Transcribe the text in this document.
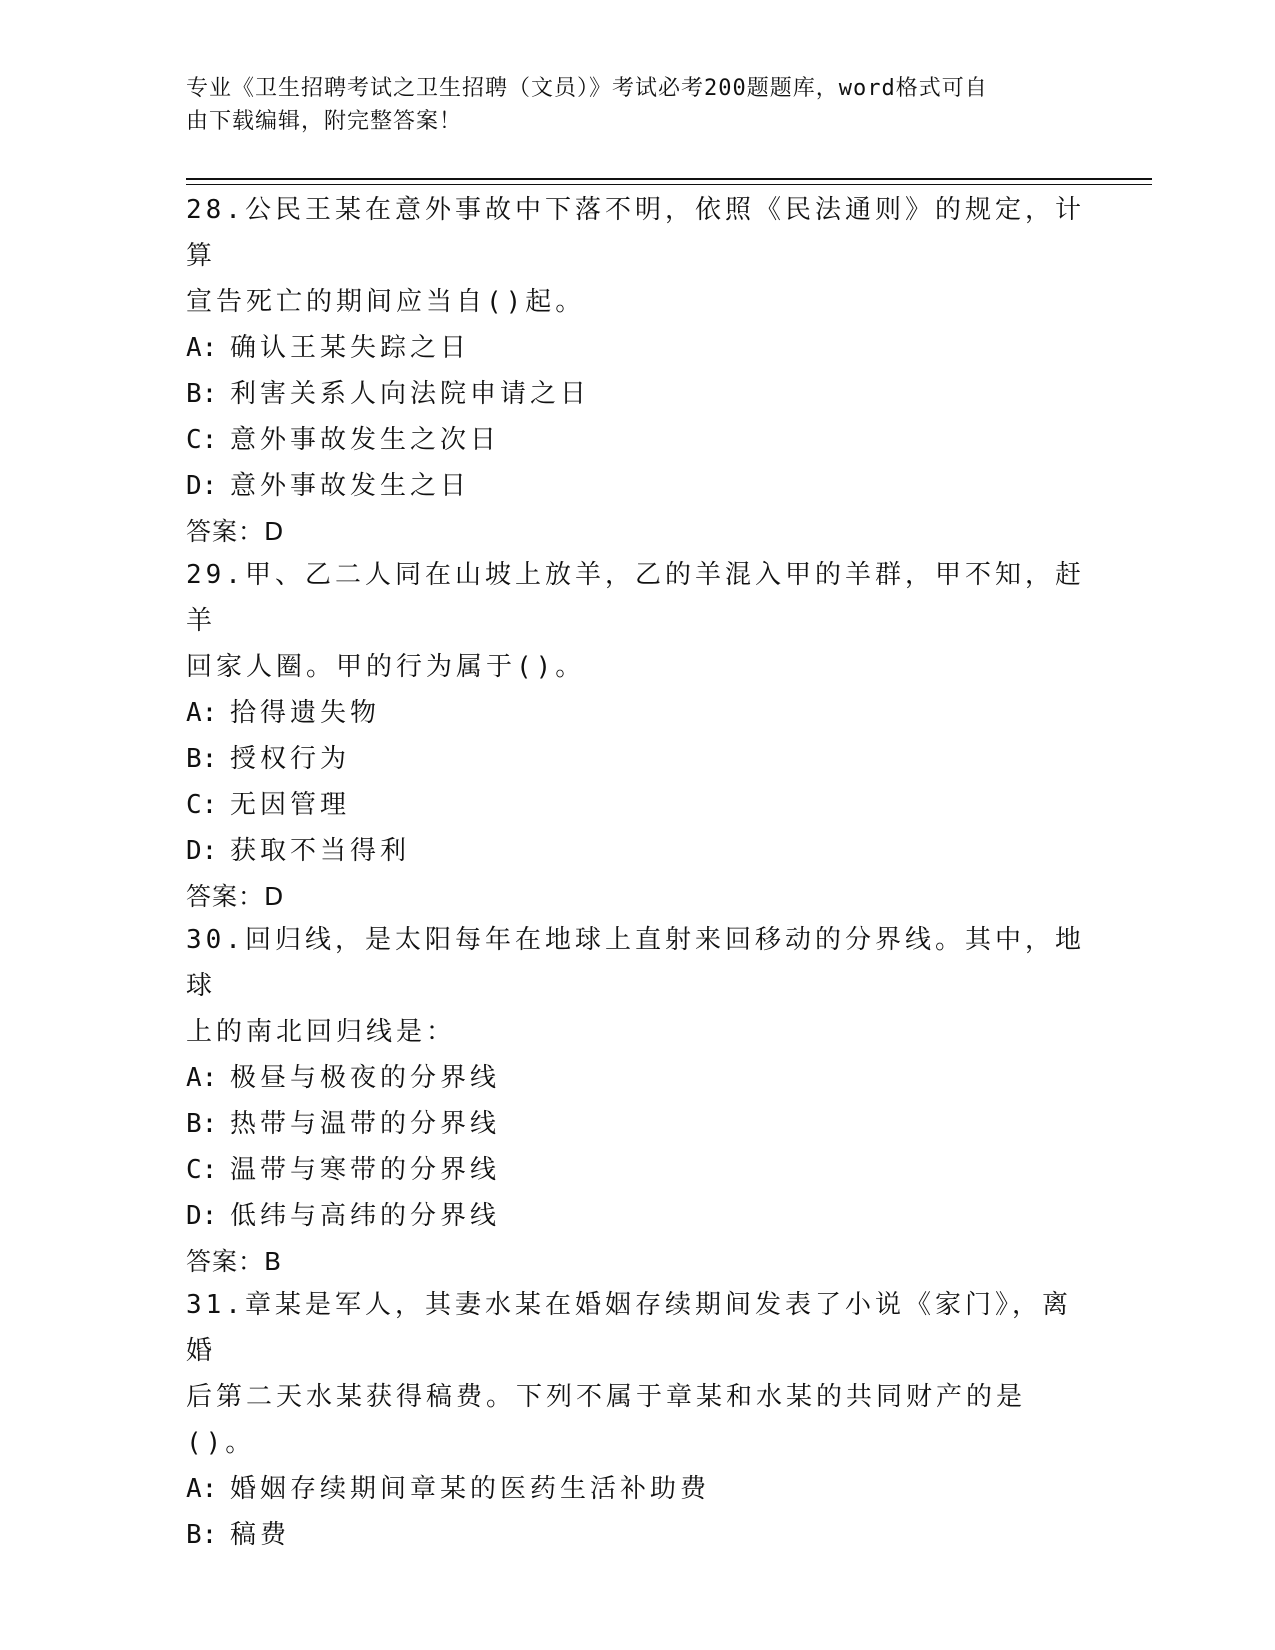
专业《卫生招聘考试之卫生招聘（文员）》考试必考200题题库，word格式可自
由下载编辑，附完整答案！
28.公民王某在意外事故中下落不明，依照《民法通则》的规定，计算
宣告死亡的期间应当自()起。
A: 确认王某失踪之日
B: 利害关系人向法院申请之日
C: 意外事故发生之次日
D: 意外事故发生之日
答案：D
29.甲、乙二人同在山坡上放羊，乙的羊混入甲的羊群，甲不知，赶羊
回家人圈。甲的行为属于()。
A: 拾得遗失物
B: 授权行为
C: 无因管理
D: 获取不当得利
答案：D
30.回归线，是太阳每年在地球上直射来回移动的分界线。其中，地球
上的南北回归线是：
A: 极昼与极夜的分界线
B: 热带与温带的分界线
C: 温带与寒带的分界线
D: 低纬与高纬的分界线
答案：B
31.章某是军人，其妻水某在婚姻存续期间发表了小说《家门》，离婚
后第二天水某获得稿费。下列不属于章某和水某的共同财产的是()。
A: 婚姻存续期间章某的医药生活补助费
B: 稿费
